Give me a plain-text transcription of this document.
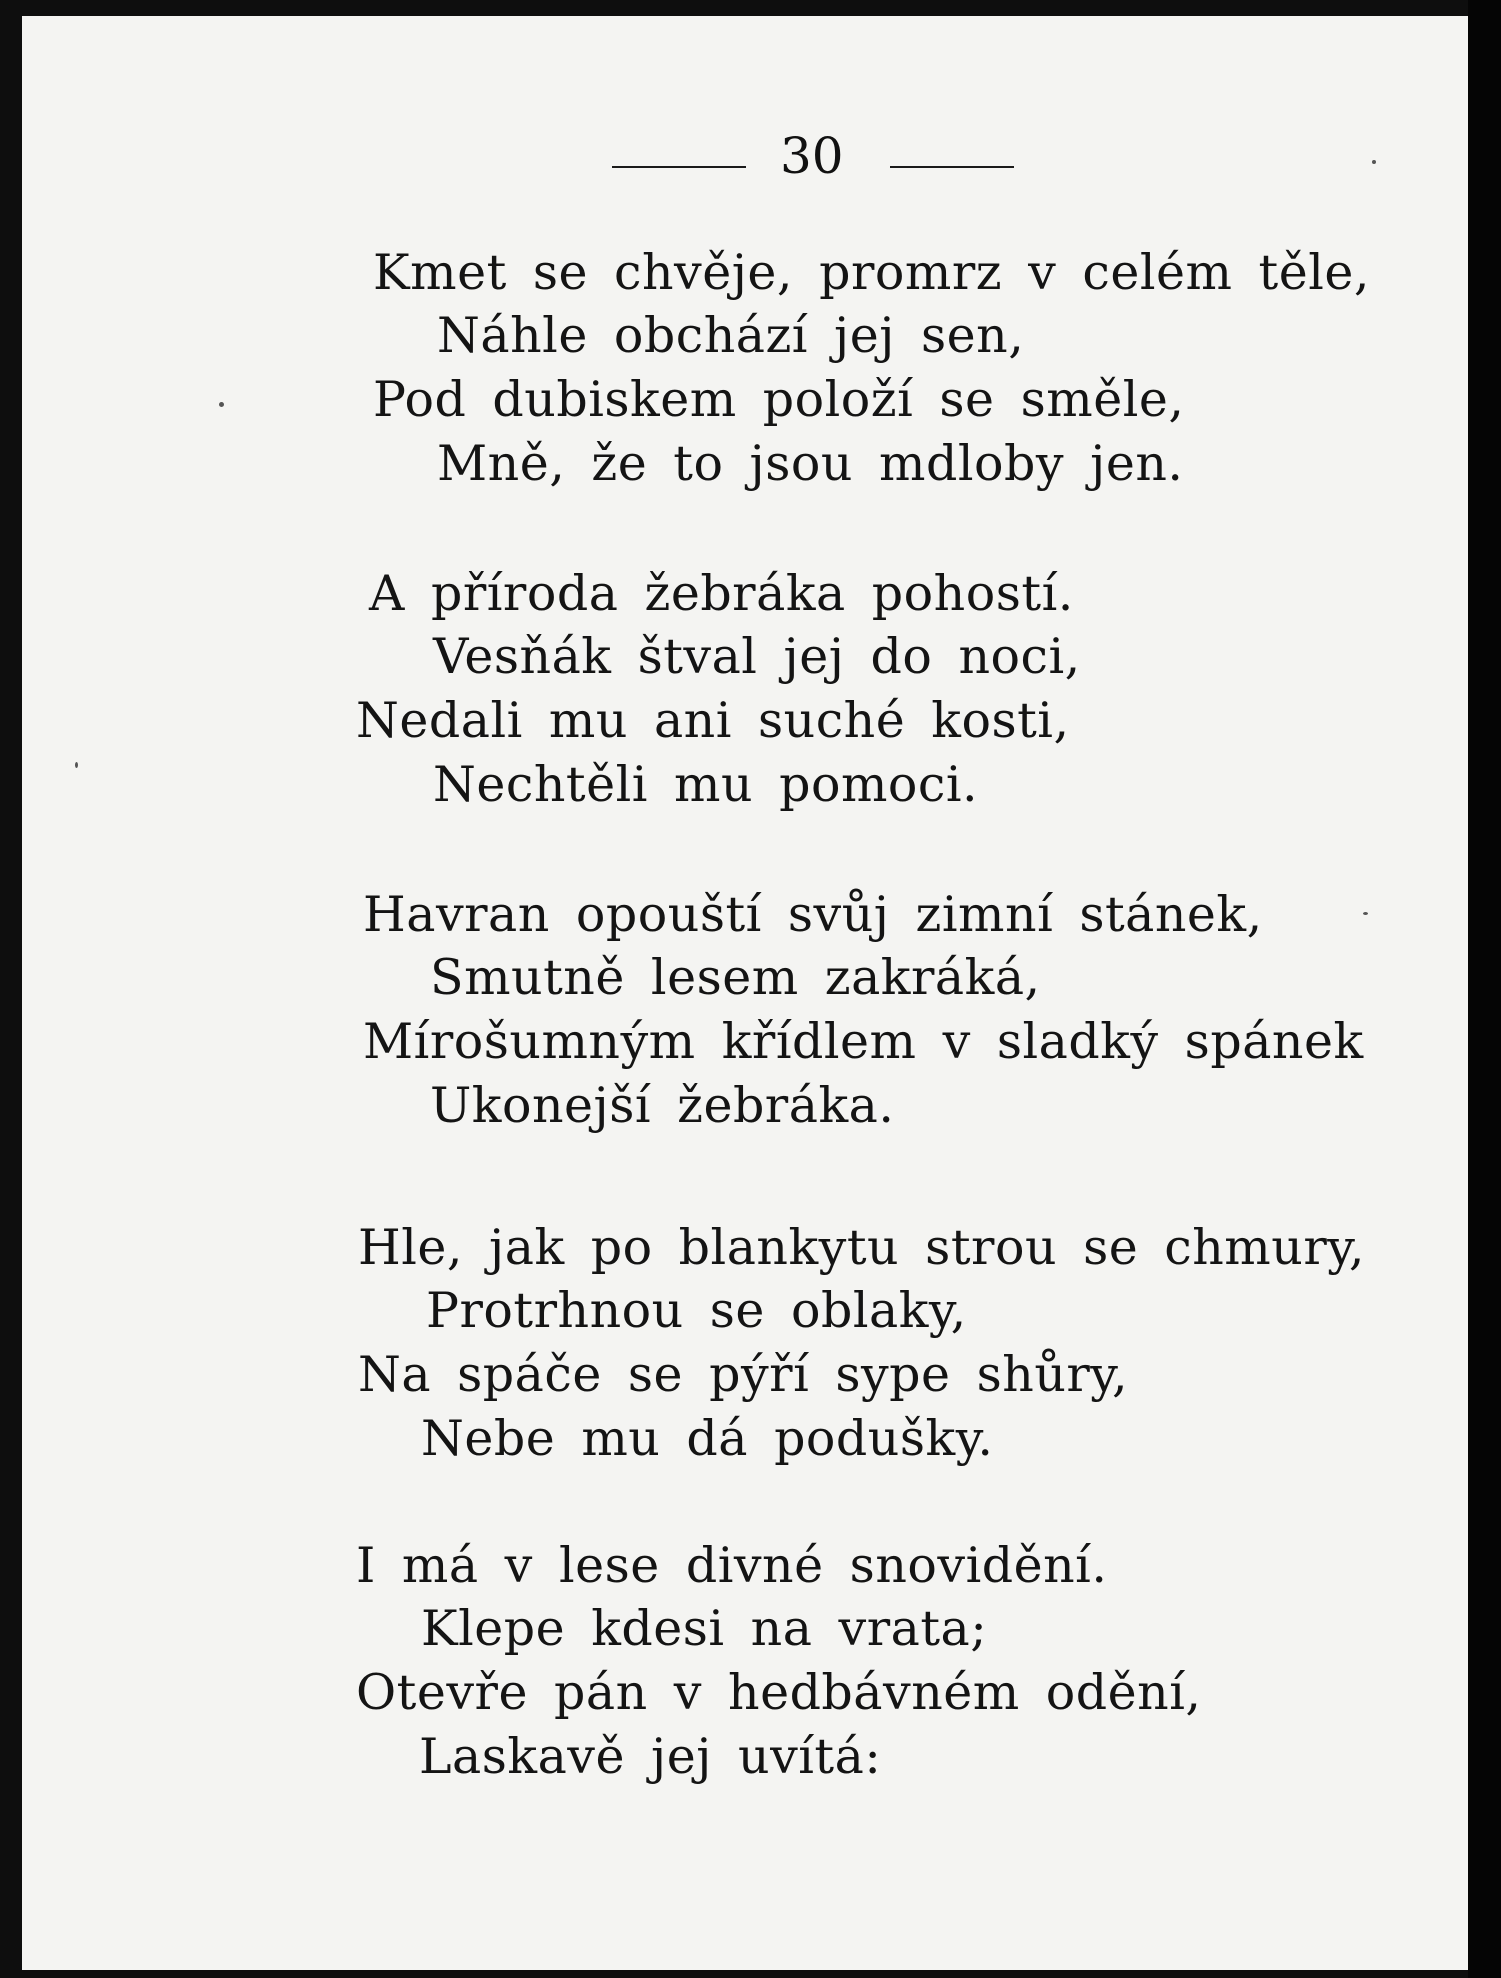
30
Kmet se chvěje, promrz v celém těle,
Náhle obchází jej sen,
Pod dubiskem položí se směle,
Mně, že to jsou mdloby jen.
A příroda žebráka pohostí.
Vesňák štval jej do noci,
Nedali mu ani suché kosti,
Nechtěli mu pomoci.
Havran opouští svůj zimní stánek,
Smutně lesem zakráká,
Mírošumným křídlem v sladký spánek
Ukonejší žebráka.
Hle, jak po blankytu strou se chmury,
Protrhnou se oblaky,
Na spáče se pýří sype shůry,
Nebe mu dá podušky.
I má v lese divné snovidění.
Klepe kdesi na vrata;
Otevře pán v hedbávném odění,
Laskavě jej uvítá:
